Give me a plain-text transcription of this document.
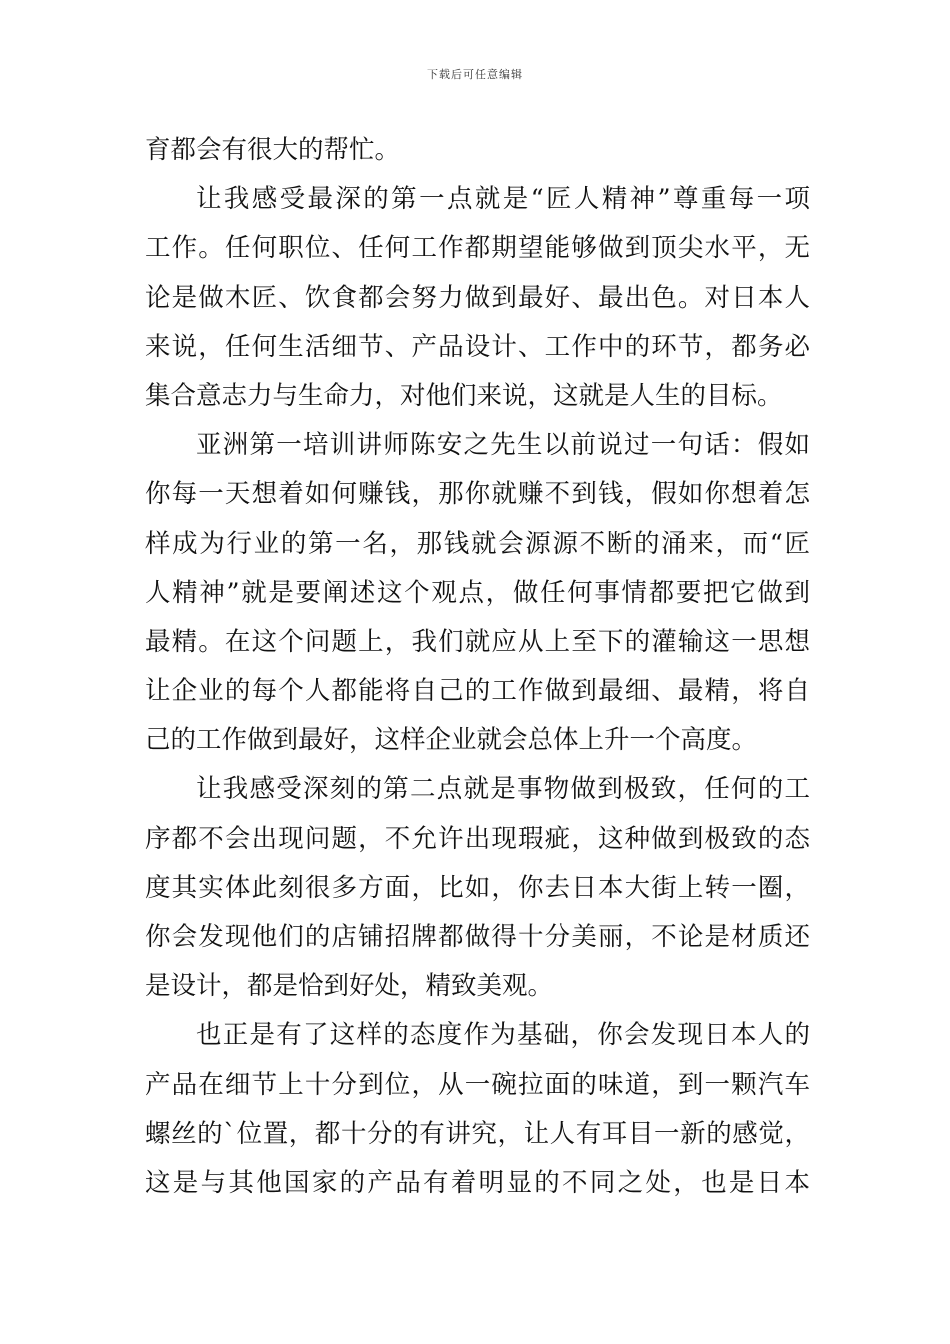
下载后可任意编辑
育都会有很大的帮忙。
让我感受最深的第一点就是“匠人精神”尊重每一项
工作。任何职位、任何工作都期望能够做到顶尖水平，无
论是做木匠、饮食都会努力做到最好、最出色。对日本人
来说，任何生活细节、产品设计、工作中的环节，都务必
集合意志力与生命力，对他们来说，这就是人生的目标。
亚洲第一培训讲师陈安之先生以前说过一句话：假如
你每一天想着如何赚钱，那你就赚不到钱，假如你想着怎
样成为行业的第一名，那钱就会源源不断的涌来，而“匠
人精神”就是要阐述这个观点，做任何事情都要把它做到
最精。在这个问题上，我们就应从上至下的灌输这一思想
让企业的每个人都能将自己的工作做到最细、最精，将自
己的工作做到最好，这样企业就会总体上升一个高度。
让我感受深刻的第二点就是事物做到极致，任何的工
序都不会出现问题，不允许出现瑕疵，这种做到极致的态
度其实体此刻很多方面，比如，你去日本大街上转一圈，
你会发现他们的店铺招牌都做得十分美丽，不论是材质还
是设计，都是恰到好处，精致美观。
也正是有了这样的态度作为基础，你会发现日本人的
产品在细节上十分到位，从一碗拉面的味道，到一颗汽车
螺丝的`位置，都十分的有讲究，让人有耳目一新的感觉，
这是与其他国家的产品有着明显的不同之处，也是日本
